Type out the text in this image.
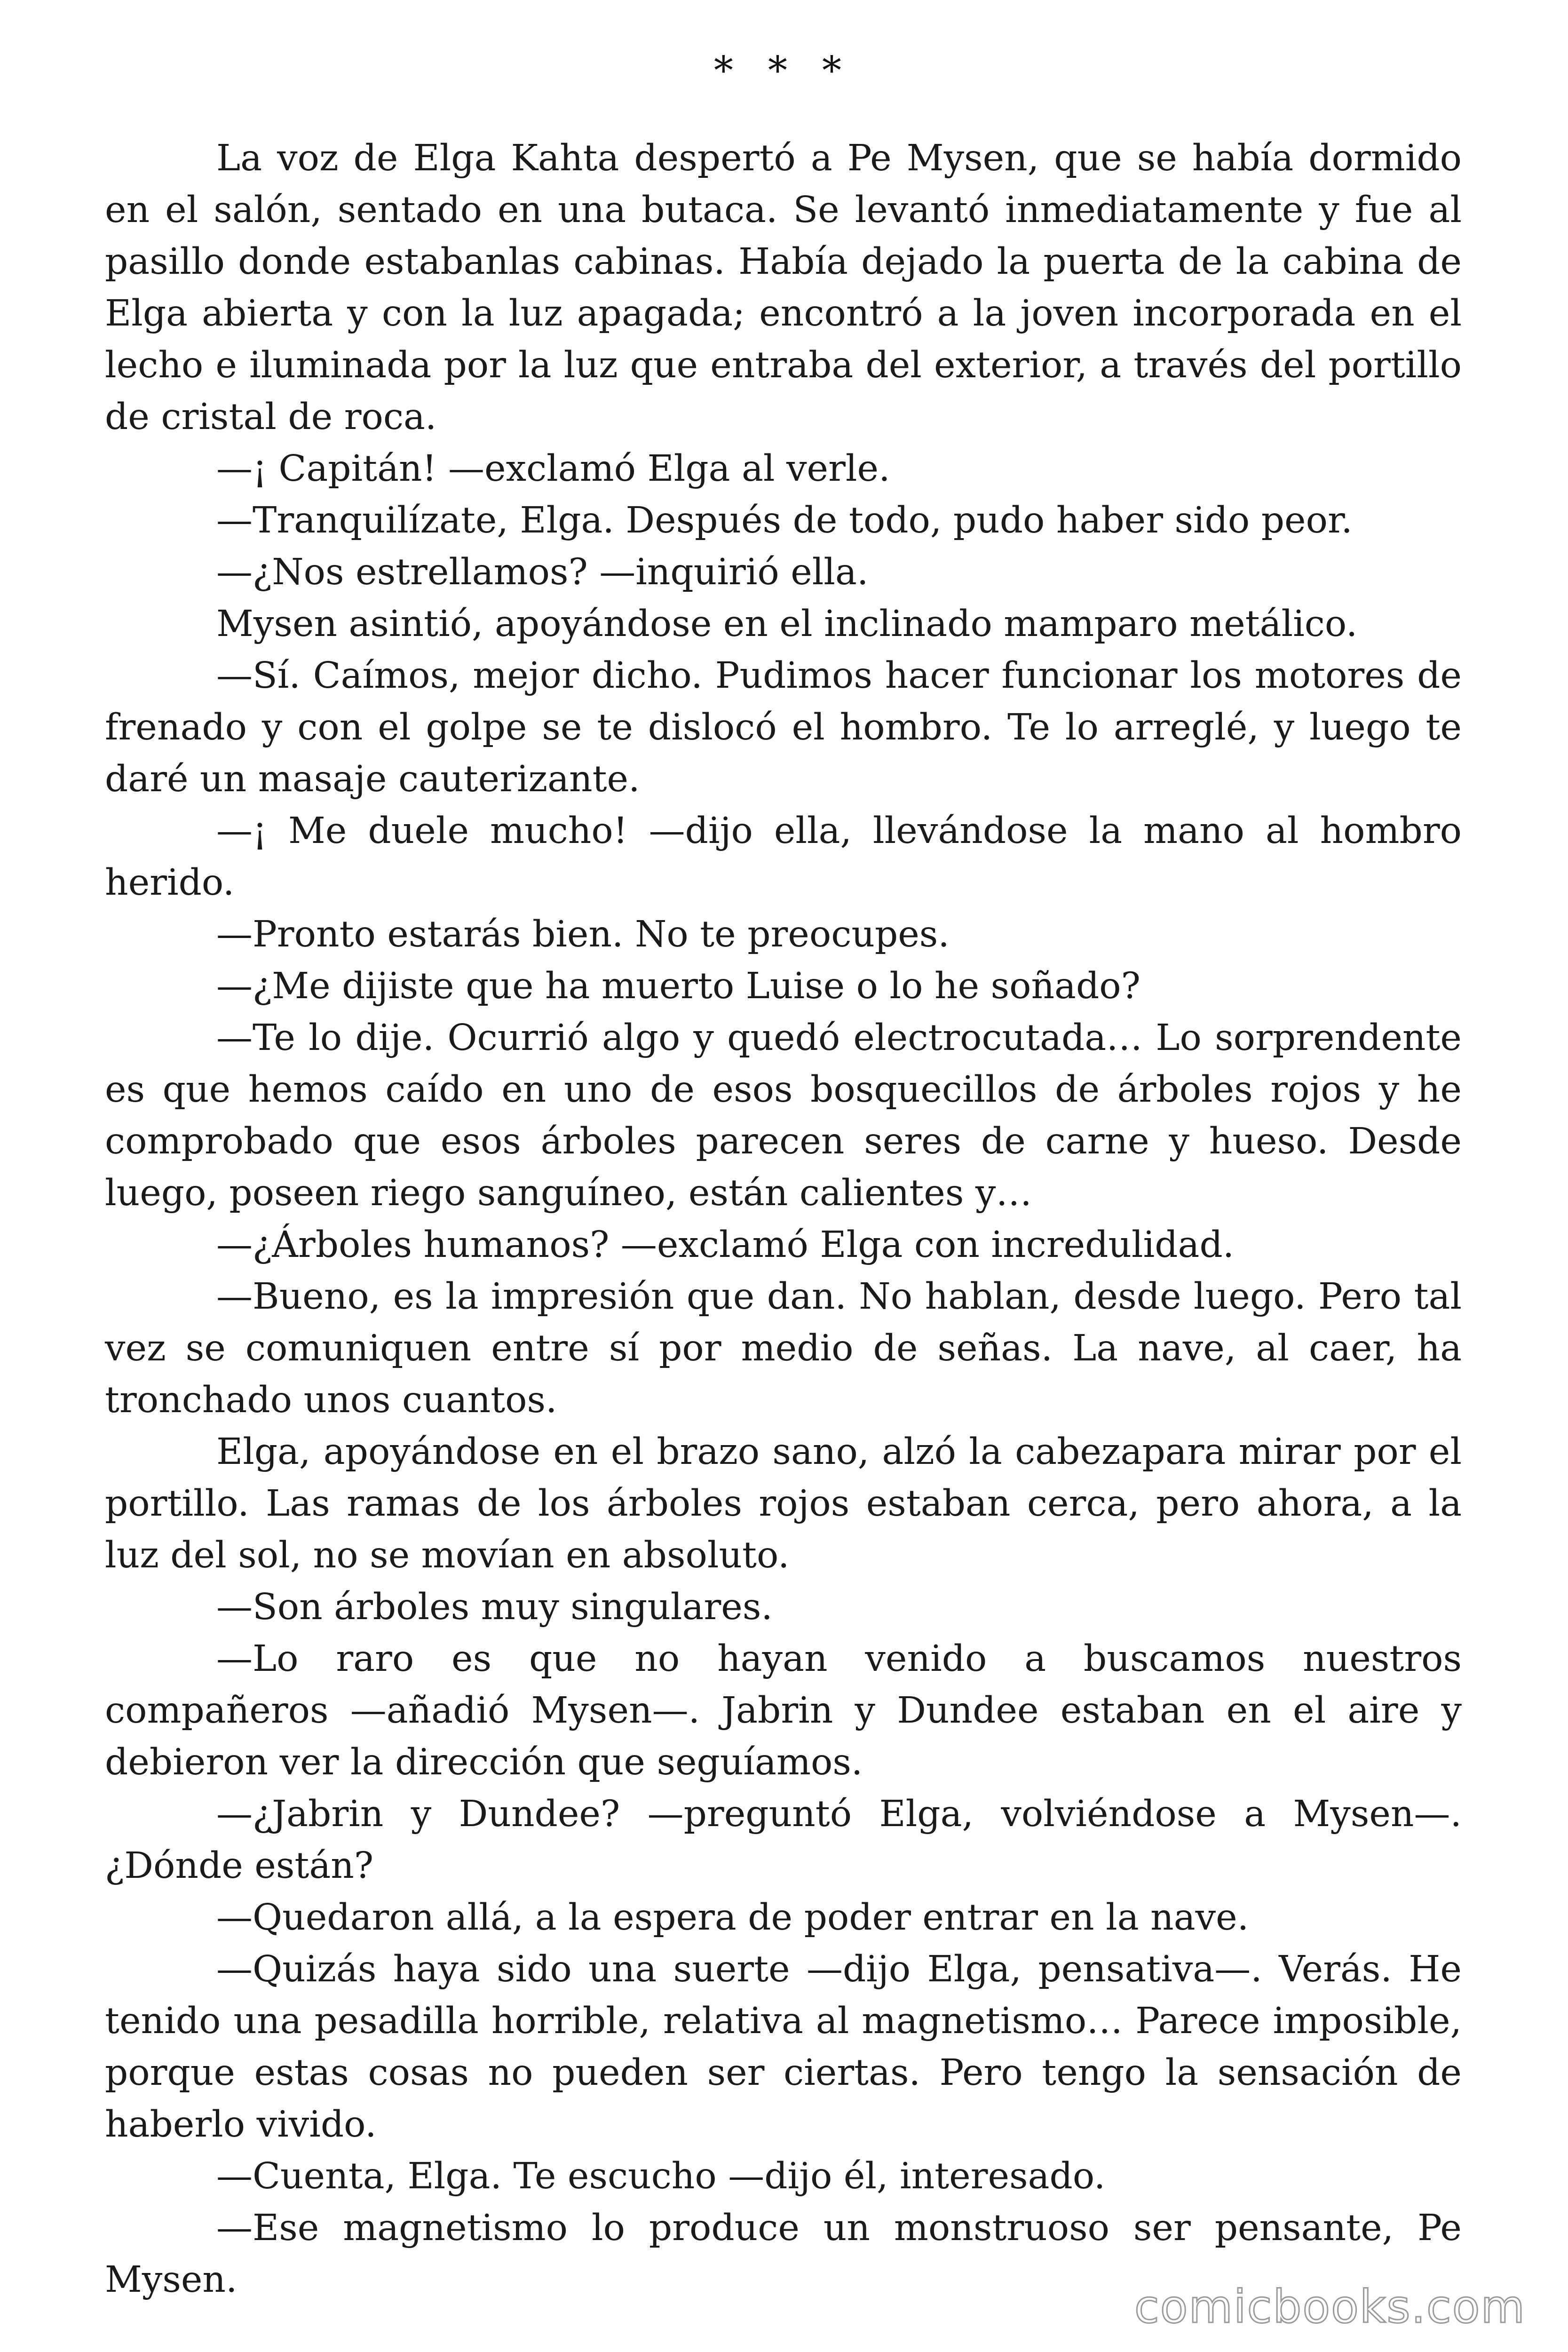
* * *

La voz de Elga Kahta despertó a Pe Mysen, que se había dormido en el salón, sentado en una butaca. Se levantó inmediatamente y fue al pasillo donde estabanlas cabinas. Había dejado la puerta de la cabina de Elga abierta y con la luz apagada; encontró a la joven incorporada en el lecho e iluminada por la luz que entraba del exterior, a través del portillo de cristal de roca.

—¡ Capitán! —exclamó Elga al verle.

—Tranquilízate, Elga. Después de todo, pudo haber sido peor.

—¿Nos estrellamos? —inquirió ella.

Mysen asintió, apoyándose en el inclinado mamparo metálico.

—Sí. Caímos, mejor dicho. Pudimos hacer funcionar los motores de frenado y con el golpe se te dislocó el hombro. Te lo arreglé, y luego te daré un masaje cauterizante.

—¡ Me duele mucho! —dijo ella, llevándose la mano al hombro herido.

—Pronto estarás bien. No te preocupes.

—¿Me dijiste que ha muerto Luise o lo he soñado?

—Te lo dije. Ocurrió algo y quedó electrocutada… Lo sorprendente es que hemos caído en uno de esos bosquecillos de árboles rojos y he comprobado que esos árboles parecen seres de carne y hueso. Desde luego, poseen riego sanguíneo, están calientes y…

—¿Árboles humanos? —exclamó Elga con incredulidad.

—Bueno, es la impresión que dan. No hablan, desde luego. Pero tal vez se comuniquen entre sí por medio de señas. La nave, al caer, ha tronchado unos cuantos.

Elga, apoyándose en el brazo sano, alzó la cabezapara mirar por el portillo. Las ramas de los árboles rojos estaban cerca, pero ahora, a la luz del sol, no se movían en absoluto.

—Son árboles muy singulares.

—Lo raro es que no hayan venido a buscamos nuestros compañeros —añadió Mysen—. Jabrin y Dundee estaban en el aire y debieron ver la dirección que seguíamos.

—¿Jabrin y Dundee? —preguntó Elga, volviéndose a Mysen—. ¿Dónde están?

—Quedaron allá, a la espera de poder entrar en la nave.

—Quizás haya sido una suerte —dijo Elga, pensativa—. Verás. He tenido una pesadilla horrible, relativa al magnetismo… Parece imposible, porque estas cosas no pueden ser ciertas. Pero tengo la sensación de haberlo vivido.

—Cuenta, Elga. Te escucho —dijo él, interesado.

—Ese magnetismo lo produce un monstruoso ser pensante, Pe Mysen.

comicbooks.com
